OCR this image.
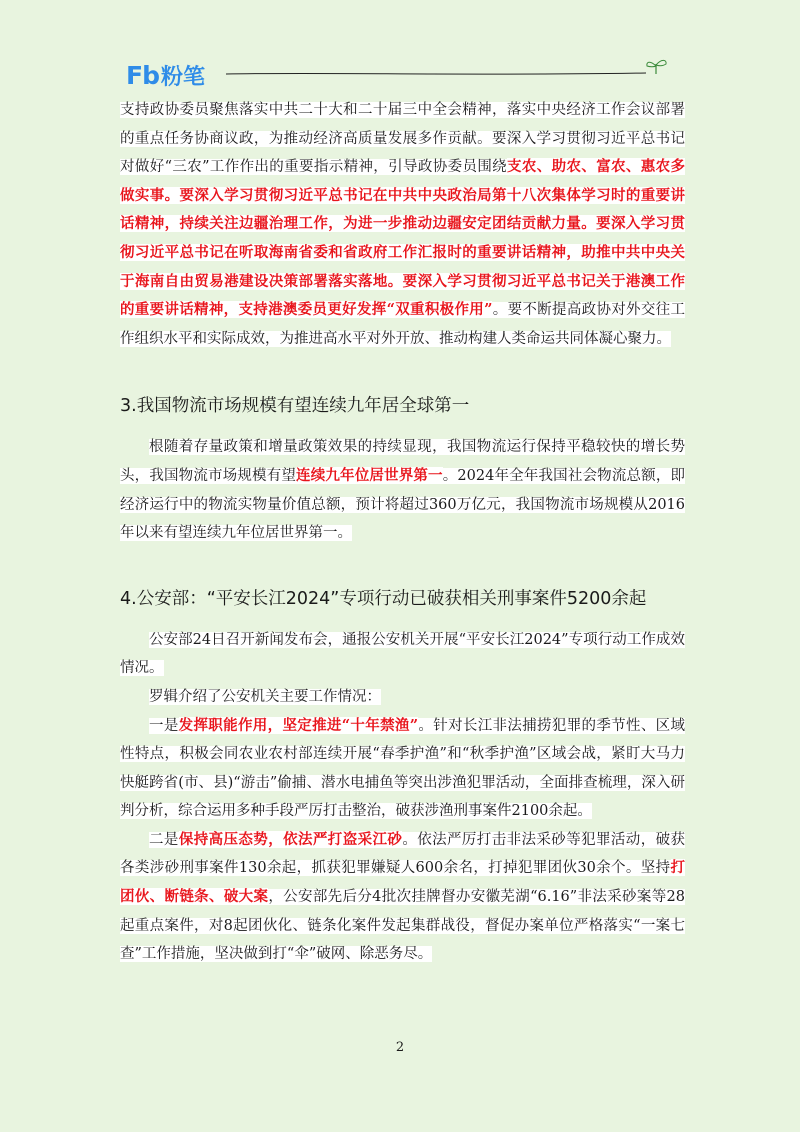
Fb 粉笔

支持政协委员聚焦落实中共二十大和二十届三中全会精神，落实中央经济工作会议部署的重点任务协商议政，为推动经济高质量发展多作贡献。要深入学习贯彻习近平总书记对做好“三农”工作作出的重要指示精神，引导政协委员围绕支农、助农、富农、惠农多做实事。要深入学习贯彻习近平总书记在中共中央政治局第十八次集体学习时的重要讲话精神，持续关注边疆治理工作，为进一步推动边疆安定团结贡献力量。要深入学习贯彻习近平总书记在听取海南省委和省政府工作汇报时的重要讲话精神，助推中共中央关于海南自由贸易港建设决策部署落实落地。要深入学习贯彻习近平总书记关于港澳工作的重要讲话精神，支持港澳委员更好发挥“双重积极作用”。要不断提高政协对外交往工作组织水平和实际成效，为推进高水平对外开放、推动构建人类命运共同体凝心聚力。

3.我国物流市场规模有望连续九年居全球第一

根随着存量政策和增量政策效果的持续显现，我国物流运行保持平稳较快的增长势头，我国物流市场规模有望连续九年位居世界第一。2024年全年我国社会物流总额，即经济运行中的物流实物量价值总额，预计将超过360万亿元，我国物流市场规模从2016年以来有望连续九年位居世界第一。

4.公安部：“平安长江2024”专项行动已破获相关刑事案件5200余起

公安部24日召开新闻发布会，通报公安机关开展“平安长江2024”专项行动工作成效情况。

罗辑介绍了公安机关主要工作情况：

一是发挥职能作用，坚定推进“十年禁渔”。针对长江非法捕捞犯罪的季节性、区域性特点，积极会同农业农村部连续开展“春季护渔”和“秋季护渔”区域会战，紧盯大马力快艇跨省(市、县)“游击”偷捕、潜水电捕鱼等突出涉渔犯罪活动，全面排查梳理，深入研判分析，综合运用多种手段严厉打击整治，破获涉渔刑事案件2100余起。

二是保持高压态势，依法严打盗采江砂。依法严厉打击非法采砂等犯罪活动，破获各类涉砂刑事案件130余起，抓获犯罪嫌疑人600余名，打掉犯罪团伙30余个。坚持打团伙、断链条、破大案，公安部先后分4批次挂牌督办安徽芜湖“6.16”非法采砂案等28起重点案件，对8起团伙化、链条化案件发起集群战役，督促办案单位严格落实“一案七查”工作措施，坚决做到打“伞”破网、除恶务尽。

2
